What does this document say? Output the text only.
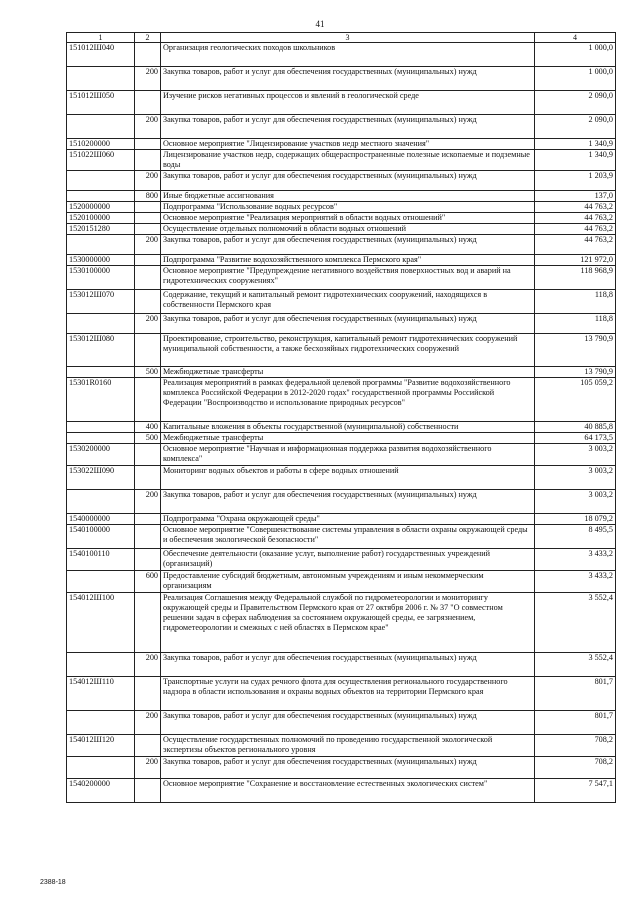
41
1	2	3	4
151012Ш040		Организация геологических походов школьников	1 000,0
	200	Закупка товаров, работ и услуг для обеспечения государственных (муниципальных) нужд	1 000,0
151012Ш050		Изучение рисков негативных процессов и явлений в геологической среде	2 090,0
	200	Закупка товаров, работ и услуг для обеспечения государственных (муниципальных) нужд	2 090,0
1510200000		Основное мероприятие "Лицензирование участков недр местного значения"	1 340,9
151022Ш060		Лицензирование участков недр, содержащих общераспространенные полезные ископаемые и подземные воды	1 340,9
	200	Закупка товаров, работ и услуг для обеспечения государственных (муниципальных) нужд	1 203,9
	800	Иные бюджетные ассигнования	137,0
1520000000		Подпрограмма "Использование водных ресурсов"	44 763,2
1520100000		Основное мероприятие "Реализация мероприятий в области водных отношений"	44 763,2
1520151280		Осуществление отдельных полномочий в области водных отношений	44 763,2
	200	Закупка товаров, работ и услуг для обеспечения государственных (муниципальных) нужд	44 763,2
1530000000		Подпрограмма "Развитие водохозяйственного комплекса Пермского края"	121 972,0
1530100000		Основное мероприятие "Предупреждение негативного воздействия поверхностных вод и аварий на гидротехнических сооружениях"	118 968,9
153012Ш070		Содержание, текущий и капитальный ремонт гидротехнических сооружений, находящихся в собственности Пермского края	118,8
	200	Закупка товаров, работ и услуг для обеспечения государственных (муниципальных) нужд	118,8
153012Ш080		Проектирование, строительство, реконструкция, капитальный ремонт гидротехнических сооружений муниципальной собственности, а также бесхозяйных гидротехнических сооружений	13 790,9
	500	Межбюджетные трансферты	13 790,9
15301R0160		Реализация мероприятий в рамках федеральной целевой программы "Развитие водохозяйственного комплекса Российской Федерации в 2012-2020 годах" государственной программы Российской Федерации "Воспроизводство и использование природных ресурсов"	105 059,2
	400	Капитальные вложения в объекты государственной (муниципальной) собственности	40 885,8
	500	Межбюджетные трансферты	64 173,5
1530200000		Основное мероприятие "Научная и информационная поддержка развития водохозяйственного комплекса"	3 003,2
153022Ш090		Мониторинг водных объектов и работы в сфере водных отношений	3 003,2
	200	Закупка товаров, работ и услуг для обеспечения государственных (муниципальных) нужд	3 003,2
1540000000		Подпрограмма "Охрана окружающей среды"	18 079,2
1540100000		Основное мероприятие "Совершенствование системы управления в области охраны окружающей среды и обеспечения экологической безопасности"	8 495,5
1540100110		Обеспечение деятельности (оказание услуг, выполнение работ) государственных учреждений (организаций)	3 433,2
	600	Предоставление субсидий бюджетным, автономным учреждениям и иным некоммерческим организациям	3 433,2
154012Ш100		Реализация Соглашения между Федеральной службой по гидрометеорологии и мониторингу окружающей среды и Правительством Пермского края от 27 октября 2006 г. № 37 "О совместном решении задач в сферах наблюдения за состоянием окружающей среды, ее загрязнением, гидрометеорологии и смежных с ней областях в Пермском крае"	3 552,4
	200	Закупка товаров, работ и услуг для обеспечения государственных (муниципальных) нужд	3 552,4
154012Ш110		Транспортные услуги на судах речного флота для осуществления регионального государственного надзора в области использования и охраны водных объектов на территории Пермского края	801,7
	200	Закупка товаров, работ и услуг для обеспечения государственных (муниципальных) нужд	801,7
154012Ш120		Осуществление государственных полномочий по проведению государственной экологической экспертизы объектов регионального уровня	708,2
	200	Закупка товаров, работ и услуг для обеспечения государственных (муниципальных) нужд	708,2
1540200000		Основное мероприятие "Сохранение и восстановление естественных экологических систем"	7 547,1
2388-18
